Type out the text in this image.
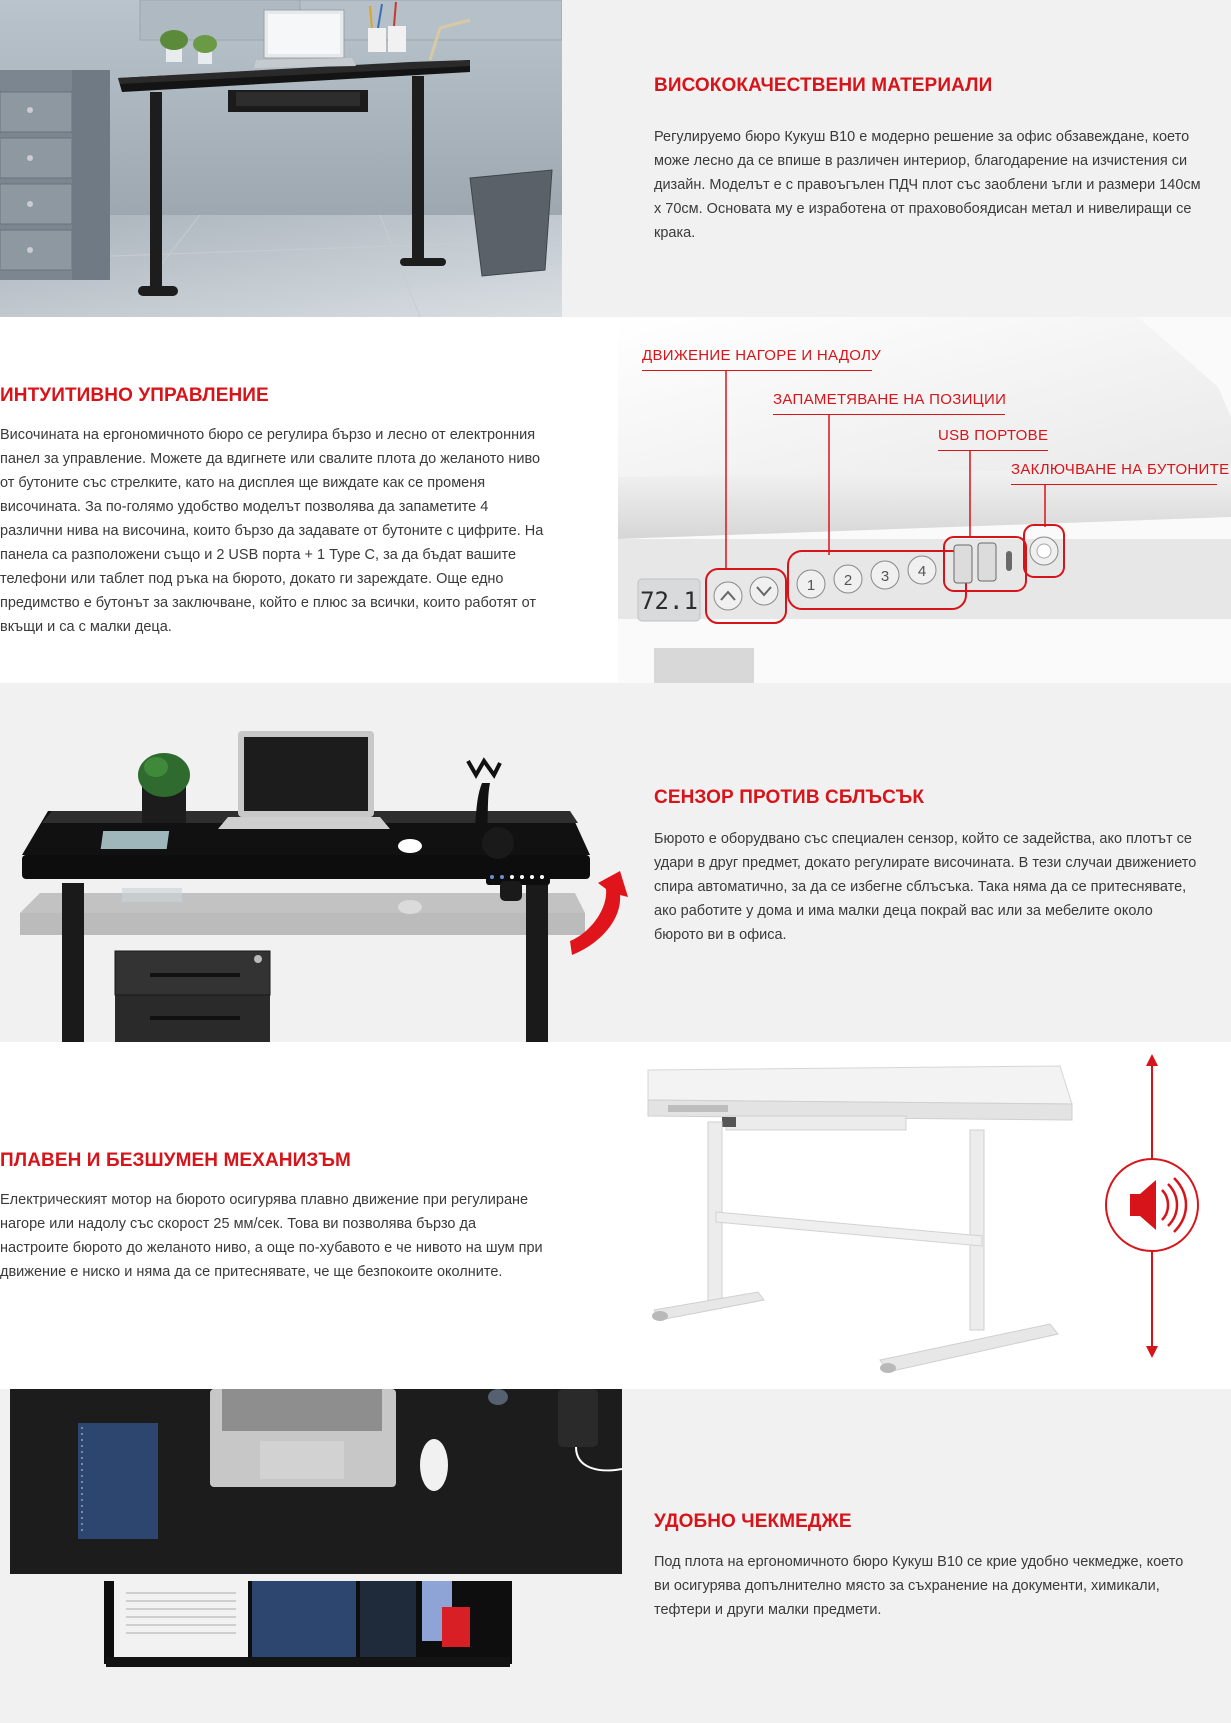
ВИСОКОКАЧЕСТВЕНИ МАТЕРИАЛИ

Регулируемо бюро Кукуш B10 е модерно решение за офис обзавеждане, което може лесно да се впише в различен интериор, благодарение на изчистения си дизайн. Моделът е с правоъгълен ПДЧ плот със заоблени ъгли и размери 140см x 70см. Основата му е изработена от праховобоядисан метал и нивелиращи се крака.

ИНТУИТИВНО УПРАВЛЕНИЕ

Височината на ергономичното бюро се регулира бързо и лесно от електронния панел за управление. Можете да вдигнете или свалите плота до желаното ниво от бутоните със стрелките, като на дисплея ще виждате как се променя височината. За по-голямо удобство моделът позволява да запаметите 4 различни нива на височина, които бързо да задавате от бутоните с цифрите. На панела са разположени също и 2 USB порта + 1 Type C, за да бъдат вашите телефони или таблет под ръка на бюрото, докато ги зареждате. Още едно предимство е бутонът за заключване, който е плюс за всички, които работят от вкъщи и са с малки деца.

72.1
1 2 3 4
ДВИЖЕНИЕ НАГОРЕ И НАДОЛУ
ЗАПАМЕТЯВАНЕ НА ПОЗИЦИИ
USB ПОРТОВЕ
ЗАКЛЮЧВАНЕ НА БУТОНИТЕ
СЕНЗОР ПРОТИВ СБЛЪСЪК

Бюрото е оборудвано със специален сензор, който се задейства, ако плотът се удари в друг предмет, докато регулирате височината. В тези случаи движението спира автоматично, за да се избегне сблъсъка. Така няма да се притеснявате, ако работите у дома и има малки деца покрай вас или за мебелите около бюрото ви в офиса.

ПЛАВЕН И БЕЗШУМЕН МЕХАНИЗЪМ

Електрическият мотор на бюрото осигурява плавно движение при регулиране нагоре или надолу със скорост 25 мм/сек. Това ви позволява бързо да настроите бюрото до желаното ниво, а още по-хубавото е че нивото на шум при движение е ниско и няма да се притеснявате, че ще безпокоите околните.

УДОБНО ЧЕКМЕДЖЕ

Под плота на ергономичното бюро Кукуш B10 се крие удобно чекмедже, което ви осигурява допълнително място за съхранение на документи, химикали, тефтери и други малки предмети.
